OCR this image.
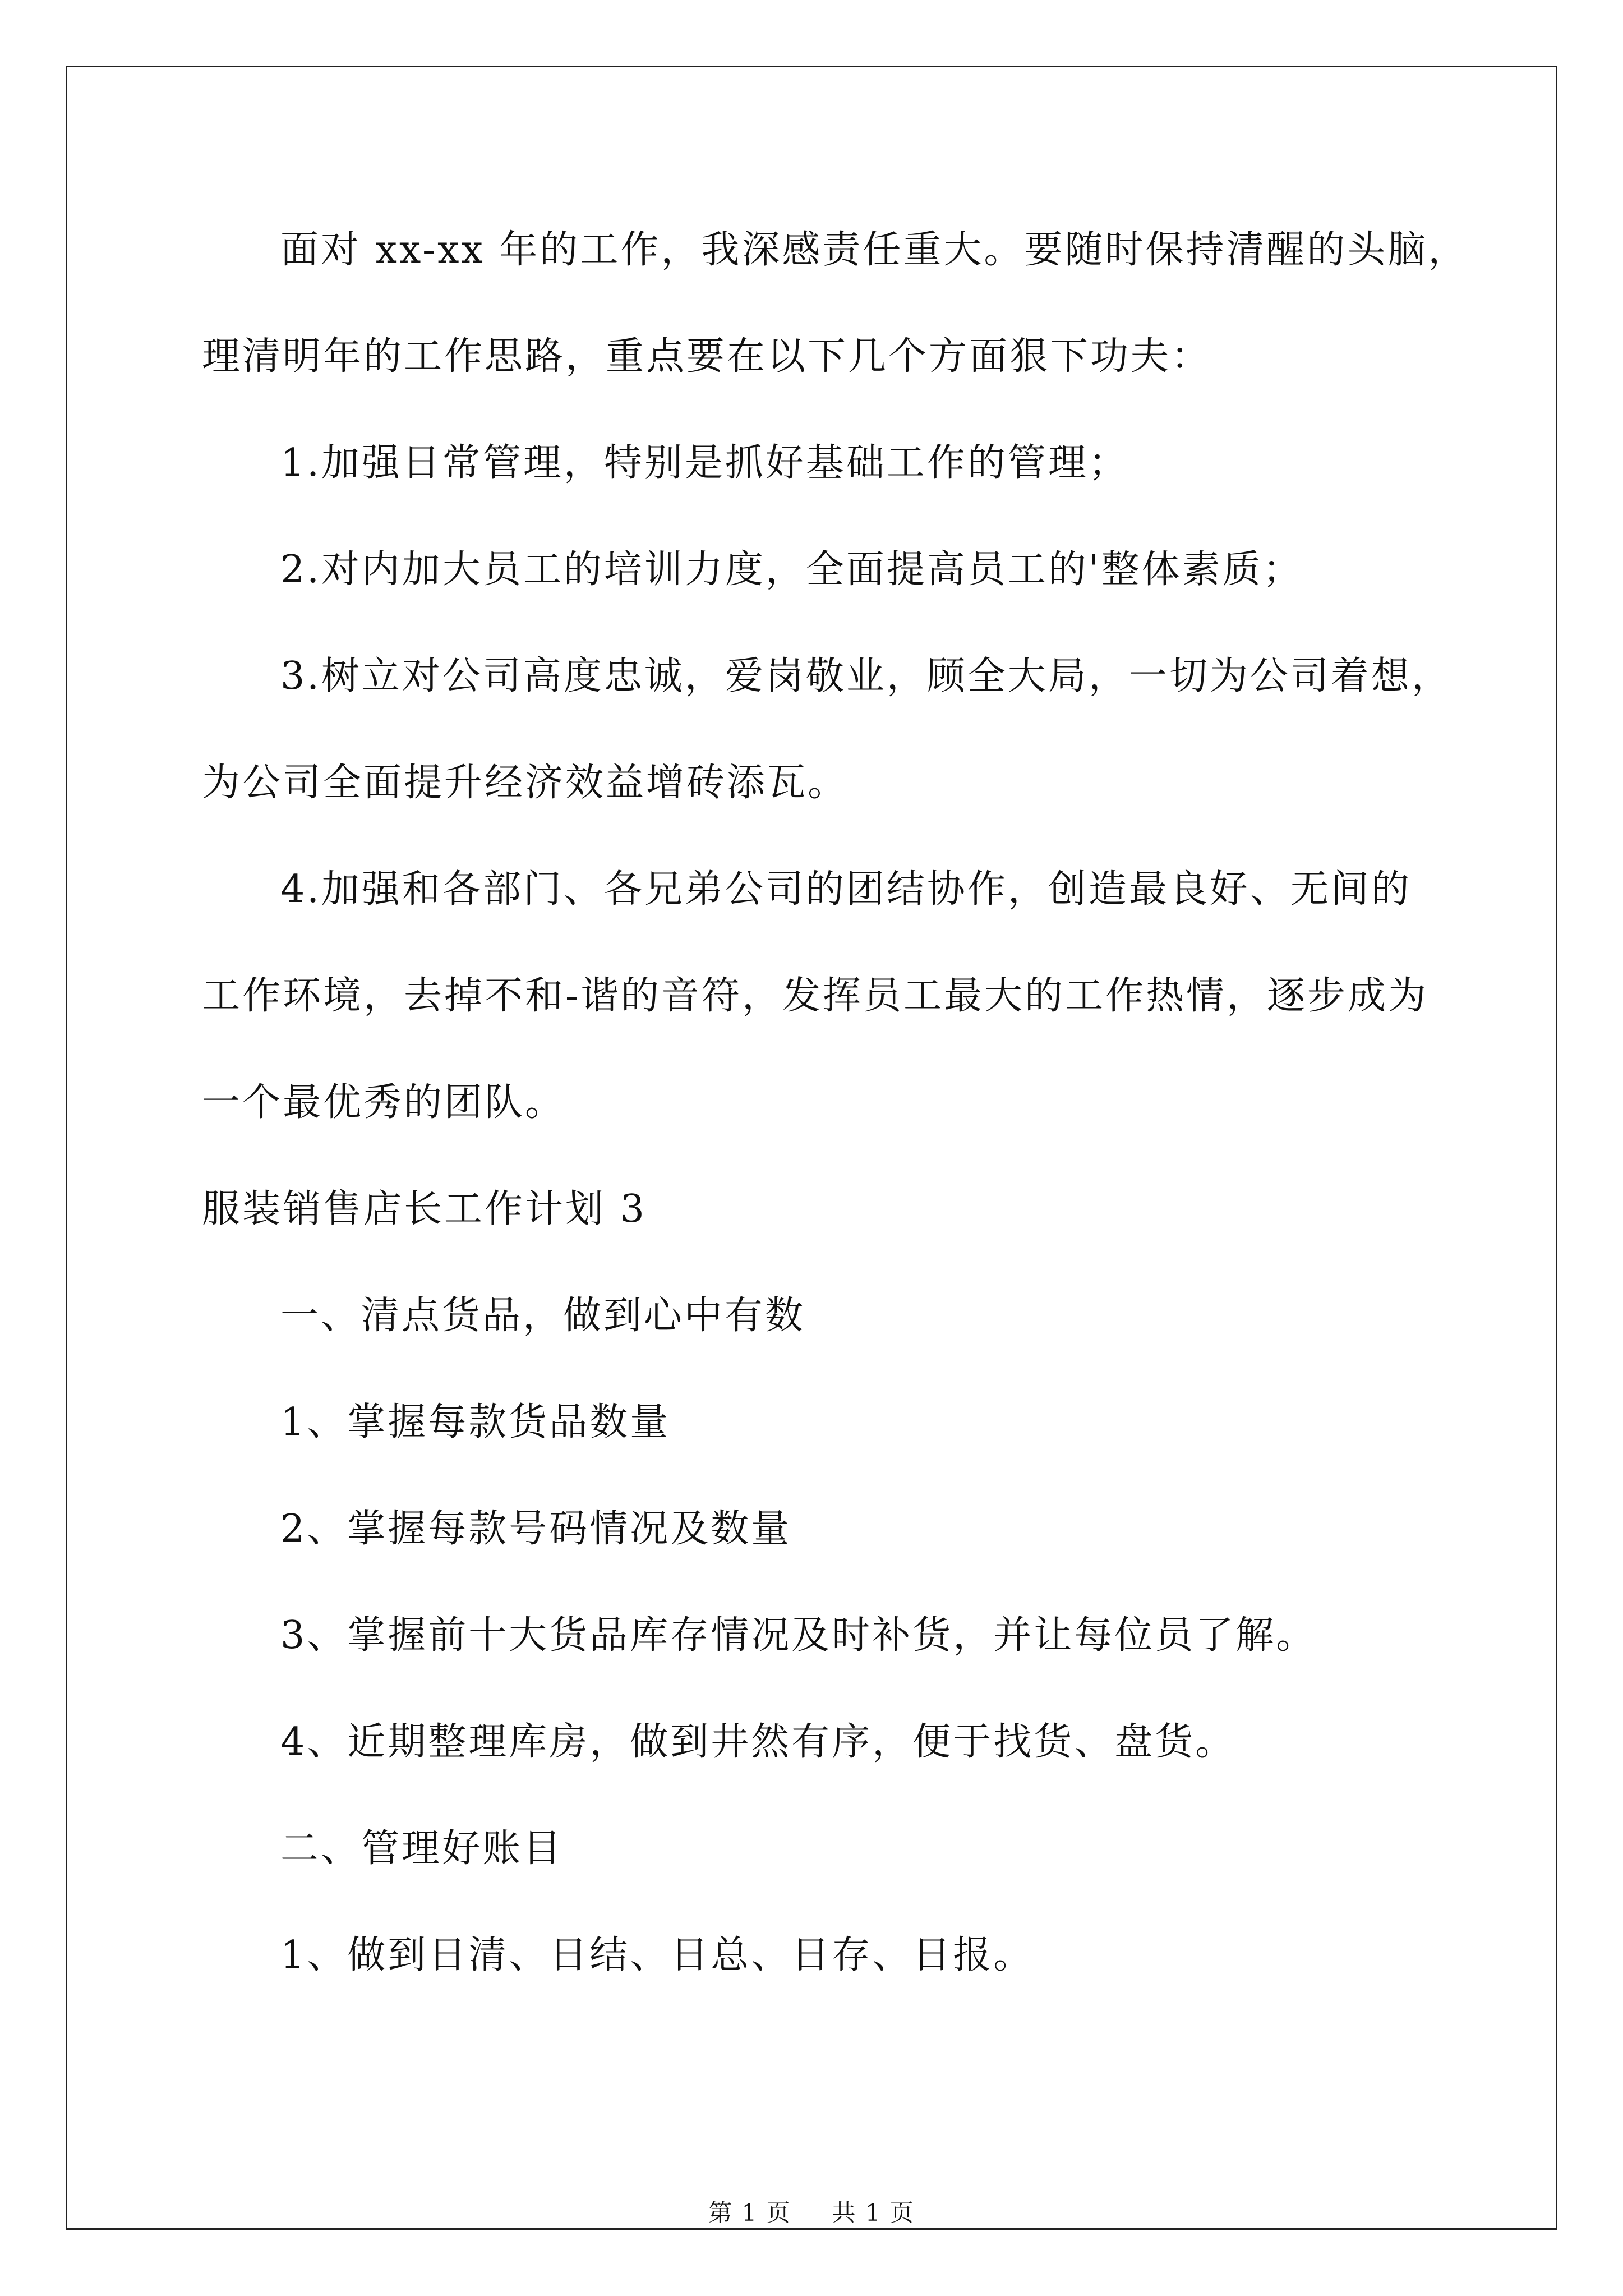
面对 xx-xx 年的工作，我深感责任重大。要随时保持清醒的头脑，
理清明年的工作思路，重点要在以下几个方面狠下功夫：
1.加强日常管理，特别是抓好基础工作的管理；
2.对内加大员工的培训力度，全面提高员工的'整体素质；
3.树立对公司高度忠诚，爱岗敬业，顾全大局，一切为公司着想，
为公司全面提升经济效益增砖添瓦。
4.加强和各部门、各兄弟公司的团结协作，创造最良好、无间的
工作环境，去掉不和-谐的音符，发挥员工最大的工作热情，逐步成为
一个最优秀的团队。
服装销售店长工作计划 3
一、清点货品，做到心中有数
1、掌握每款货品数量
2、掌握每款号码情况及数量
3、掌握前十大货品库存情况及时补货，并让每位员了解。
4、近期整理库房，做到井然有序，便于找货、盘货。
二、管理好账目
1、做到日清、日结、日总、日存、日报。
第 1 页 共 1 页
